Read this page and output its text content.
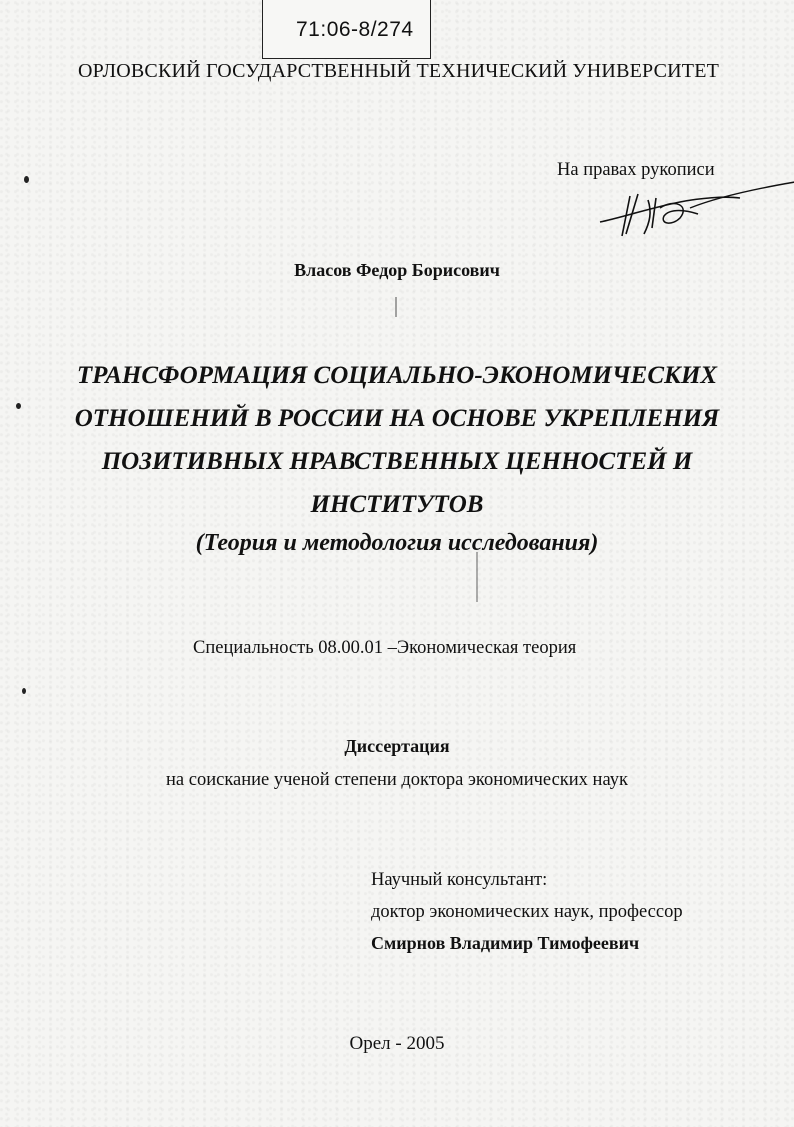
71:06-8/274
ОРЛОВСКИЙ ГОСУДАРСТВЕННЫЙ ТЕХНИЧЕСКИЙ УНИВЕРСИТЕТ
На правах рукописи
Власов Федор Борисович
ТРАНСФОРМАЦИЯ СОЦИАЛЬНО-ЭКОНОМИЧЕСКИХ
ОТНОШЕНИЙ В РОССИИ НА ОСНОВЕ УКРЕПЛЕНИЯ
ПОЗИТИВНЫХ НРАВСТВЕННЫХ ЦЕННОСТЕЙ И
ИНСТИТУТОВ
(Теория и методология исследования)
Специальность 08.00.01 –Экономическая теория
Диссертация
на соискание ученой степени доктора экономических наук
Научный консультант:
доктор экономических наук, профессор
Смирнов Владимир Тимофеевич
Орел - 2005
